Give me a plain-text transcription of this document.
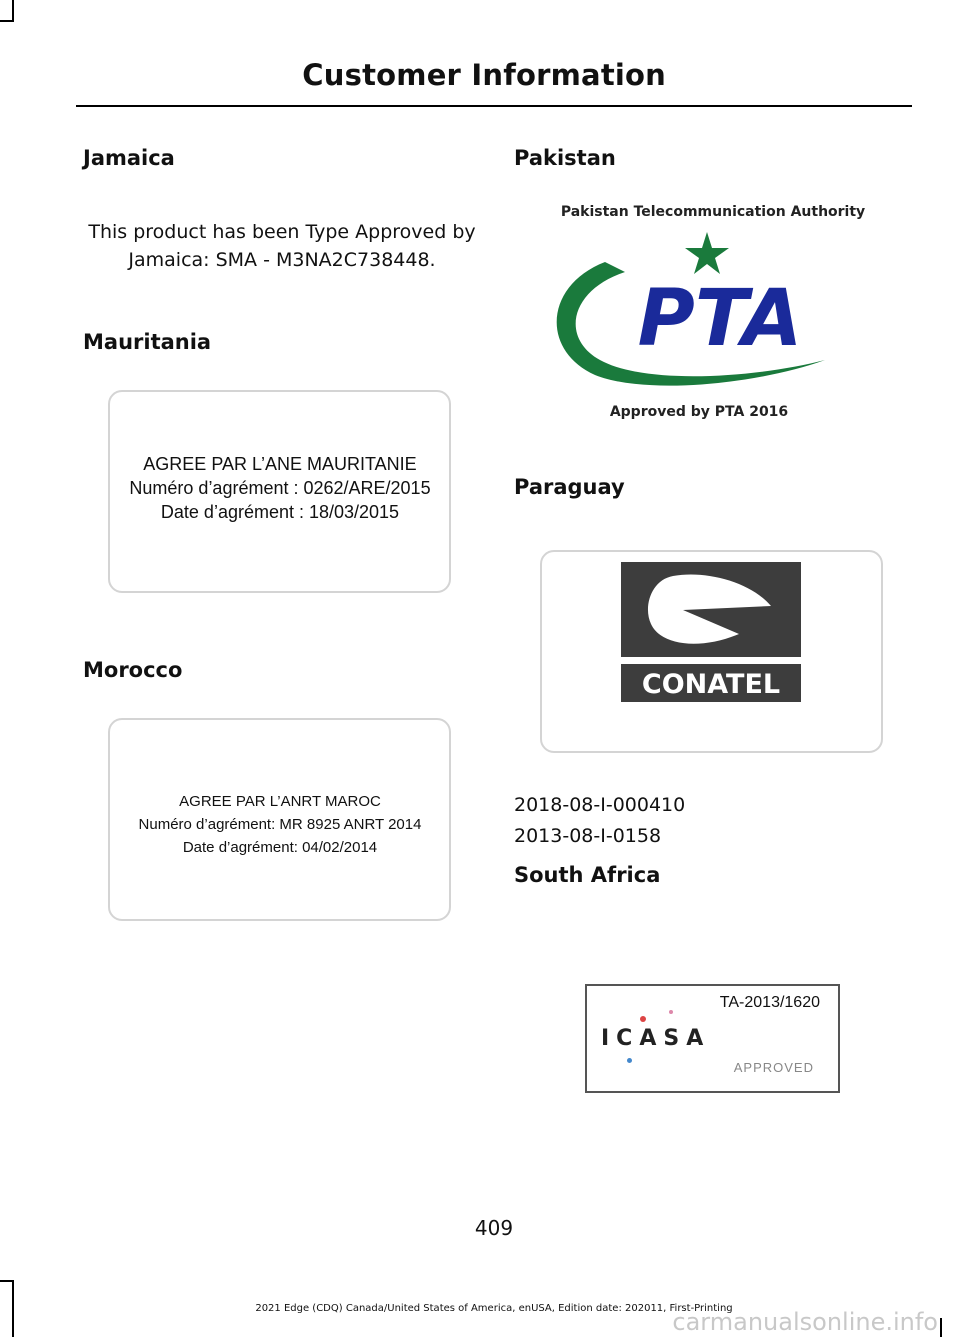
Customer Information
Jamaica
This product has been Type Approved by
Jamaica: SMA - M3NA2C738448.
Mauritania
AGREE PAR L’ANE MAURITANIE
Numéro d’agrément : 0262/ARE/2015
Date d’agrément : 18/03/2015
Morocco
AGREE PAR L’ANRT MAROC
Numéro d’agrément: MR 8925 ANRT 2014
Date d’agrément: 04/02/2014
Pakistan
Pakistan Telecommunication Authority
PTA
Approved by PTA 2016
Paraguay
CONATEL
2018-08-I-000410
2013-08-I-0158
South Africa
TA-2013/1620
ICASA
APPROVED
409
2021 Edge (CDQ) Canada/United States of America, enUSA, Edition date: 202011, First-Printing
carmanualsonline.info
